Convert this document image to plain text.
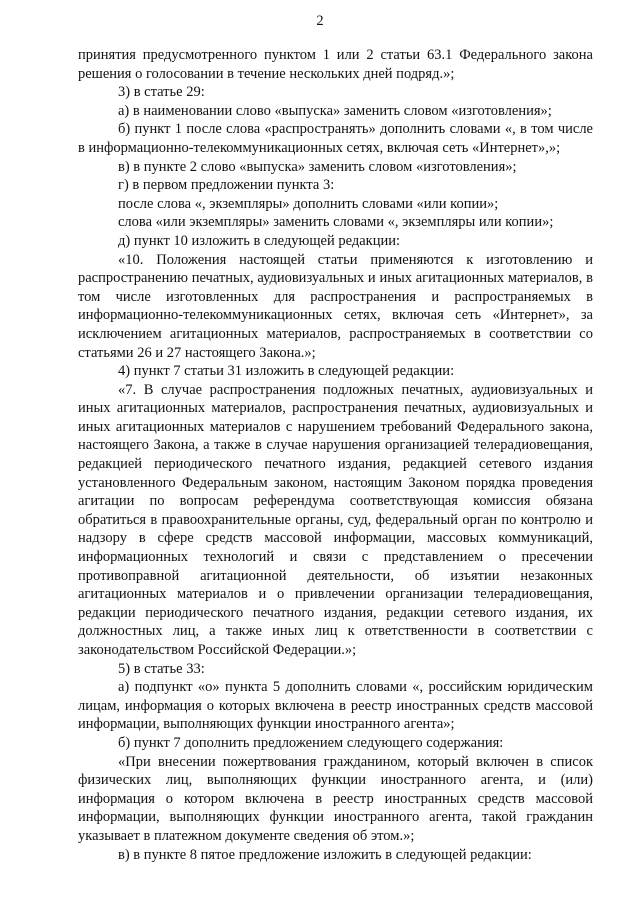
2

принятия предусмотренного пунктом 1 или 2 статьи 63.1 Федерального закона решения о голосовании в течение нескольких дней подряд.»;

3) в статье 29:

а) в наименовании слово «выпуска» заменить словом «изготовления»;

б) пункт 1 после слова «распространять» дополнить словами «, в том числе в информационно-телекоммуникационных сетях, включая сеть «Интернет»,»;

в) в пункте 2 слово «выпуска» заменить словом «изготовления»;

г) в первом предложении пункта 3:

после слова «, экземпляры» дополнить словами «или копии»;

слова «или экземпляры» заменить словами «, экземпляры или копии»;

д) пункт 10 изложить в следующей редакции:

«10. Положения настоящей статьи применяются к изготовлению и распространению печатных, аудиовизуальных и иных агитационных материалов, в том числе изготовленных для распространения и распространяемых в информационно-телекоммуникационных сетях, включая сеть «Интернет», за исключением агитационных материалов, распространяемых в соответствии со статьями 26 и 27 настоящего Закона.»;

4) пункт 7 статьи 31 изложить в следующей редакции:

«7. В случае распространения подложных печатных, аудиовизуальных и иных агитационных материалов, распространения печатных, аудиовизуальных и иных агитационных материалов с нарушением требований Федерального закона, настоящего Закона, а также в случае нарушения организацией телерадиовещания, редакцией периодического печатного издания, редакцией сетевого издания установленного Федеральным законом, настоящим Законом порядка проведения агитации по вопросам референдума соответствующая комиссия обязана обратиться в правоохранительные органы, суд, федеральный орган по контролю и надзору в сфере средств массовой информации, массовых коммуникаций, информационных технологий и связи с представлением о пресечении противоправной агитационной деятельности, об изъятии незаконных агитационных материалов и о привлечении организации телерадиовещания, редакции периодического печатного издания, редакции сетевого издания, их должностных лиц, а также иных лиц к ответственности в соответствии с законодательством Российской Федерации.»;

5) в статье 33:

а) подпункт «о» пункта 5 дополнить словами «, российским юридическим лицам, информация о которых включена в реестр иностранных средств массовой информации, выполняющих функции иностранного агента»;

б) пункт 7 дополнить предложением следующего содержания:

«При внесении пожертвования гражданином, который включен в список физических лиц, выполняющих функции иностранного агента, и (или) информация о котором включена в реестр иностранных средств массовой информации, выполняющих функции иностранного агента, такой гражданин указывает в платежном документе сведения об этом.»;

в) в пункте 8 пятое предложение изложить в следующей редакции:
